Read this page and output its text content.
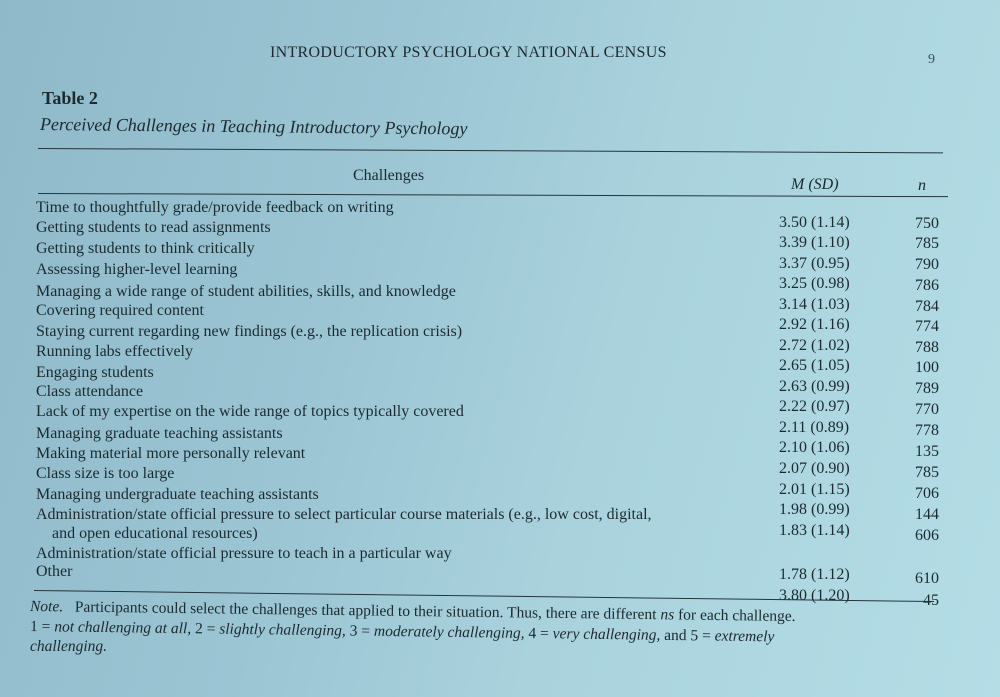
INTRODUCTORY PSYCHOLOGY NATIONAL CENSUS	9
Table 2
Perceived Challenges in Teaching Introductory Psychology
Challenges
M (SD)	n
Time to thoughtfully grade/provide feedback on writing
Getting students to read assignments
Getting students to think critically
Assessing higher-level learning
Managing a wide range of student abilities, skills, and knowledge
Covering required content
Staying current regarding new findings (e.g., the replication crisis)
Running labs effectively
Engaging students
Class attendance
Lack of my expertise on the wide range of topics typically covered
Managing graduate teaching assistants
Making material more personally relevant
Class size is too large
Managing undergraduate teaching assistants
Administration/state official pressure to select particular course materials (e.g., low cost, digital,
and open educational resources)
Administration/state official pressure to teach in a particular way
Other
3.50 (1.14)
3.39 (1.10)
3.37 (0.95)
3.25 (0.98)
3.14 (1.03)
2.92 (1.16)
2.72 (1.02)
2.65 (1.05)
2.63 (0.99)
2.22 (0.97)
2.11 (0.89)
2.10 (1.06)
2.07 (0.90)
2.01 (1.15)
1.98 (0.99)
1.83 (1.14)
1.78 (1.12)
3.80 (1.20)
750
785
790
786
784
774
788
100
789
770
778
135
785
706
144
606
610
45
Note. Participants could select the challenges that applied to their situation. Thus, there are different ns for each challenge.
1 = not challenging at all, 2 = slightly challenging, 3 = moderately challenging, 4 = very challenging, and 5 = extremely
challenging.
